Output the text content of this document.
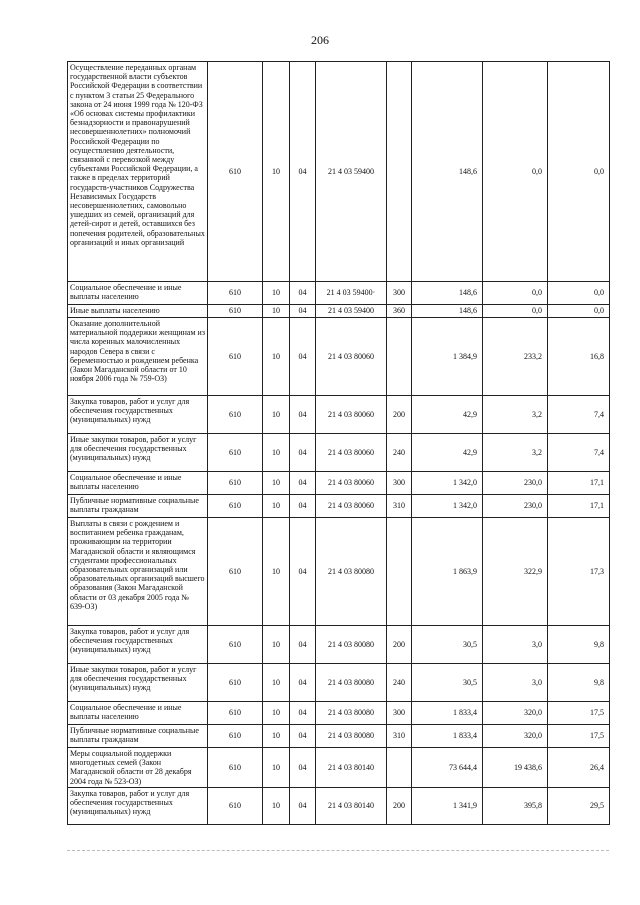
206
Осуществление переданных органам государственной власти субъектов Российской Федерации в соответствии с пунктом 3 статьи 25 Федерального закона от 24 июня 1999 года № 120-ФЗ «Об основах системы профилактики безнадзорности и правонарушений несовершеннолетних» полномочий Российской Федерации по осуществлению деятельности, связанной с перевозкой между субъектами Российской Федерации, а также в пределах территорий государств-участников Содружества Независимых Государств несовершеннолетних, самовольно ушедших из семей, организаций для детей-сирот и детей, оставшихся без попечения родителей, образовательных организаций и иных организаций	610	10	04	21 4 03 59400		148,6	0,0	0,0
Социальное обеспечение и иные выплаты населению	610	10	04	21 4 03 59400·	300	148,6	0,0	0,0
Иные выплаты населению	610	10	04	21 4 03 59400	360	148,6	0,0	0,0
Оказание дополнительной материальной поддержки женщинам из числа коренных малочисленных народов Севера в связи с беременностью и рождением ребенка (Закон Магаданской области от 10 ноября 2006 года № 759-ОЗ)	610	10	04	21 4 03 80060		1 384,9	233,2	16,8
Закупка товаров, работ и услуг для обеспечения государственных (муниципальных) нужд	610	10	04	21 4 03 80060	200	42,9	3,2	7,4
Иные закупки товаров, работ и услуг для обеспечения государственных (муниципальных) нужд	610	10	04	21 4 03 80060	240	42,9	3,2	7,4
Социальное обеспечение и иные выплаты населению	610	10	04	21 4 03 80060	300	1 342,0	230,0	17,1
Публичные нормативные социальные выплаты гражданам	610	10	04	21 4 03 80060	310	1 342,0	230,0	17,1
Выплаты в связи с рождением и воспитанием ребенка гражданам, проживающим на территории Магаданской области и являющимся студентами профессиональных образовательных организаций или образовательных организаций высшего образования (Закон Магаданской области от 03 декабря 2005 года № 639-ОЗ)	610	10	04	21 4 03 80080		1 863,9	322,9	17,3
Закупка товаров, работ и услуг для обеспечения государственных (муниципальных) нужд	610	10	04	21 4 03 80080	200	30,5	3,0	9,8
Иные закупки товаров, работ и услуг для обеспечения государственных (муниципальных) нужд	610	10	04	21 4 03 80080	240	30,5	3,0	9,8
Социальное обеспечение и иные выплаты населению	610	10	04	21 4 03 80080	300	1 833,4	320,0	17,5
Публичные нормативные социальные выплаты гражданам	610	10	04	21 4 03 80080	310	1 833,4	320,0	17,5
Меры социальной поддержки многодетных семей (Закон Магаданской области от 28 декабря 2004 года № 523-ОЗ)	610	10	04	21 4 03 80140		73 644,4	19 438,6	26,4
Закупка товаров, работ и услуг для обеспечения государственных (муниципальных) нужд	610	10	04	21 4 03 80140	200	1 341,9	395,8	29,5
